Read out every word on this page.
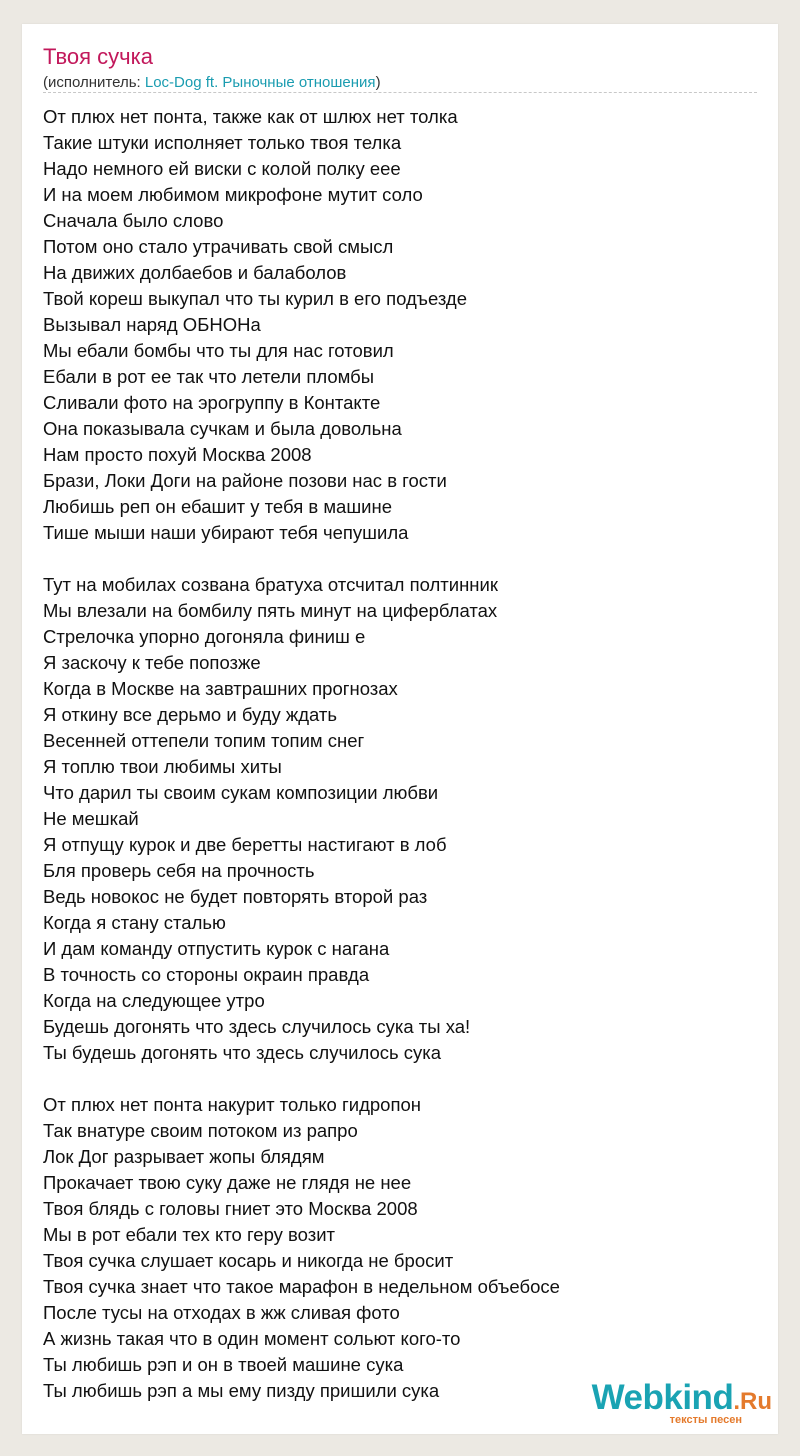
Твоя сучка
(исполнитель: Loc-Dog ft. Рыночные отношения)
От плюх нет понта, также как от шлюх нет толка
Такие штуки исполняет только твоя телка
Надо немного ей виски с колой полку еее
И на моем любимом микрофоне мутит соло
Сначала было слово
Потом оно стало утрачивать свой смысл
На движих долбаебов и балаболов
Твой кореш выкупал что ты курил в его подъезде
Вызывал наряд ОБНОНа
Мы ебали бомбы что ты для нас готовил
Ебали в рот ее так что летели пломбы
Сливали фото на эрогруппу в Контакте
Она показывала сучкам и была довольна
Нам просто похуй Москва 2008
Брази, Локи Доги на районе позови нас в гости
Любишь реп он ебашит у тебя в машине
Тише мыши наши убирают тебя чепушила
Тут на мобилах созвана братуха отсчитал полтинник
Мы влезали на бомбилу пять минут на циферблатах
Стрелочка упорно догоняла финиш е
Я заскочу к тебе попозже
Когда в Москве на завтрашних прогнозах
Я откину все дерьмо и буду ждать
Весенней оттепели топим топим снег
Я топлю твои любимы хиты
Что дарил ты своим сукам композиции любви
Не мешкай
Я отпущу курок и две беретты настигают в лоб
Бля проверь себя на прочность
Ведь новокос не будет повторять второй раз
Когда я стану сталью
И дам команду отпустить курок с нагана
В точность со стороны окраин правда
Когда на следующее утро
Будешь догонять что здесь случилось сука ты ха!
Ты будешь догонять что здесь случилось сука
От плюх нет понта накурит только гидропон
Так внатуре своим потоком из рапро
Лок Дог разрывает жопы блядям
Прокачает твою суку даже не глядя не нее
Твоя блядь с головы гниет это Москва 2008
Мы в рот ебали тех кто геру возит
Твоя сучка слушает косарь и никогда не бросит
Твоя сучка знает что такое марафон в недельном объебосе
После тусы на отходах в жж сливая фото
А жизнь такая что в один момент сольют кого-то
Ты любишь рэп и он в твоей машине сука
Ты любишь рэп а мы ему пизду пришили сука	Webkind.Ru
тексты песен
